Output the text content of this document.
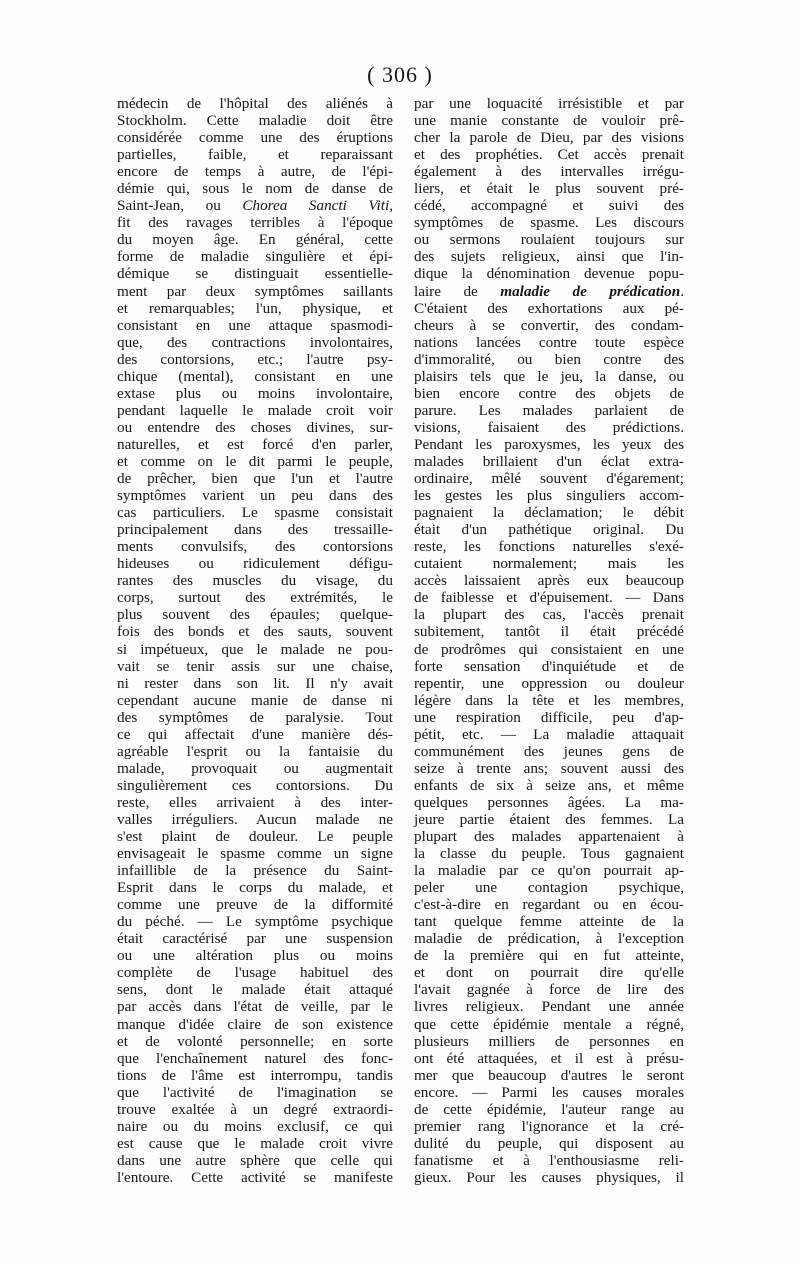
( 306 )
médecin de l'hôpital des aliénés à
Stockholm. Cette maladie doit être
considérée comme une des éruptions
partielles, faible, et reparaissant
encore de temps à autre, de l'épi-
démie qui, sous le nom de danse de
Saint-Jean, ou Chorea Sancti Viti,
fit des ravages terribles à l'époque
du moyen âge. En général, cette
forme de maladie singulière et épi-
démique se distinguait essentielle-
ment par deux symptômes saillants
et remarquables; l'un, physique, et
consistant en une attaque spasmodi-
que, des contractions involontaires,
des contorsions, etc.; l'autre psy-
chique (mental), consistant en une
extase plus ou moins involontaire,
pendant laquelle le malade croit voir
ou entendre des choses divines, sur-
naturelles, et est forcé d'en parler,
et comme on le dit parmi le peuple,
de prêcher, bien que l'un et l'autre
symptômes varient un peu dans des
cas particuliers. Le spasme consistait
principalement dans des tressaille-
ments convulsifs, des contorsions
hideuses ou ridiculement défigu-
rantes des muscles du visage, du
corps, surtout des extrémités, le
plus souvent des épaules; quelque-
fois des bonds et des sauts, souvent
si impétueux, que le malade ne pou-
vait se tenir assis sur une chaise,
ni rester dans son lit. Il n'y avait
cependant aucune manie de danse ni
des symptômes de paralysie. Tout
ce qui affectait d'une manière dés-
agréable l'esprit ou la fantaisie du
malade, provoquait ou augmentait
singulièrement ces contorsions. Du
reste, elles arrivaient à des inter-
valles irréguliers. Aucun malade ne
s'est plaint de douleur. Le peuple
envisageait le spasme comme un signe
infaillible de la présence du Saint-
Esprit dans le corps du malade, et
comme une preuve de la difformité
du péché. — Le symptôme psychique
était caractérisé par une suspension
ou une altération plus ou moins
complète de l'usage habituel des
sens, dont le malade était attaqué
par accès dans l'état de veille, par le
manque d'idée claire de son existence
et de volonté personnelle; en sorte
que l'enchaînement naturel des fonc-
tions de l'âme est interrompu, tandis
que l'activité de l'imagination se
trouve exaltée à un degré extraordi-
naire ou du moins exclusif, ce qui
est cause que le malade croit vivre
dans une autre sphère que celle qui
l'entoure. Cette activité se manifeste
par une loquacité irrésistible et par
une manie constante de vouloir prê-
cher la parole de Dieu, par des visions
et des prophéties. Cet accès prenait
également à des intervalles irrégu-
liers, et était le plus souvent pré-
cédé, accompagné et suivi des
symptômes de spasme. Les discours
ou sermons roulaient toujours sur
des sujets religieux, ainsi que l'in-
dique la dénomination devenue popu-
laire de maladie de prédication.
C'étaient des exhortations aux pé-
cheurs à se convertir, des condam-
nations lancées contre toute espèce
d'immoralité, ou bien contre des
plaisirs tels que le jeu, la danse, ou
bien encore contre des objets de
parure. Les malades parlaient de
visions, faisaient des prédictions.
Pendant les paroxysmes, les yeux des
malades brillaient d'un éclat extra-
ordinaire, mêlé souvent d'égarement;
les gestes les plus singuliers accom-
pagnaient la déclamation; le débit
était d'un pathétique original. Du
reste, les fonctions naturelles s'exé-
cutaient normalement; mais les
accès laissaient après eux beaucoup
de faiblesse et d'épuisement. — Dans
la plupart des cas, l'accès prenait
subitement, tantôt il était précédé
de prodrômes qui consistaient en une
forte sensation d'inquiétude et de
repentir, une oppression ou douleur
légère dans la tête et les membres,
une respiration difficile, peu d'ap-
pétit, etc. — La maladie attaquait
communément des jeunes gens de
seize à trente ans; souvent aussi des
enfants de six à seize ans, et même
quelques personnes âgées. La ma-
jeure partie étaient des femmes. La
plupart des malades appartenaient à
la classe du peuple. Tous gagnaient
la maladie par ce qu'on pourrait ap-
peler une contagion psychique,
c'est-à-dire en regardant ou en écou-
tant quelque femme atteinte de la
maladie de prédication, à l'exception
de la première qui en fut atteinte,
et dont on pourrait dire qu'elle
l'avait gagnée à force de lire des
livres religieux. Pendant une année
que cette épidémie mentale a régné,
plusieurs milliers de personnes en
ont été attaquées, et il est à présu-
mer que beaucoup d'autres le seront
encore. — Parmi les causes morales
de cette épidémie, l'auteur range au
premier rang l'ignorance et la cré-
dulité du peuple, qui disposent au
fanatisme et à l'enthousiasme reli-
gieux. Pour les causes physiques, il
